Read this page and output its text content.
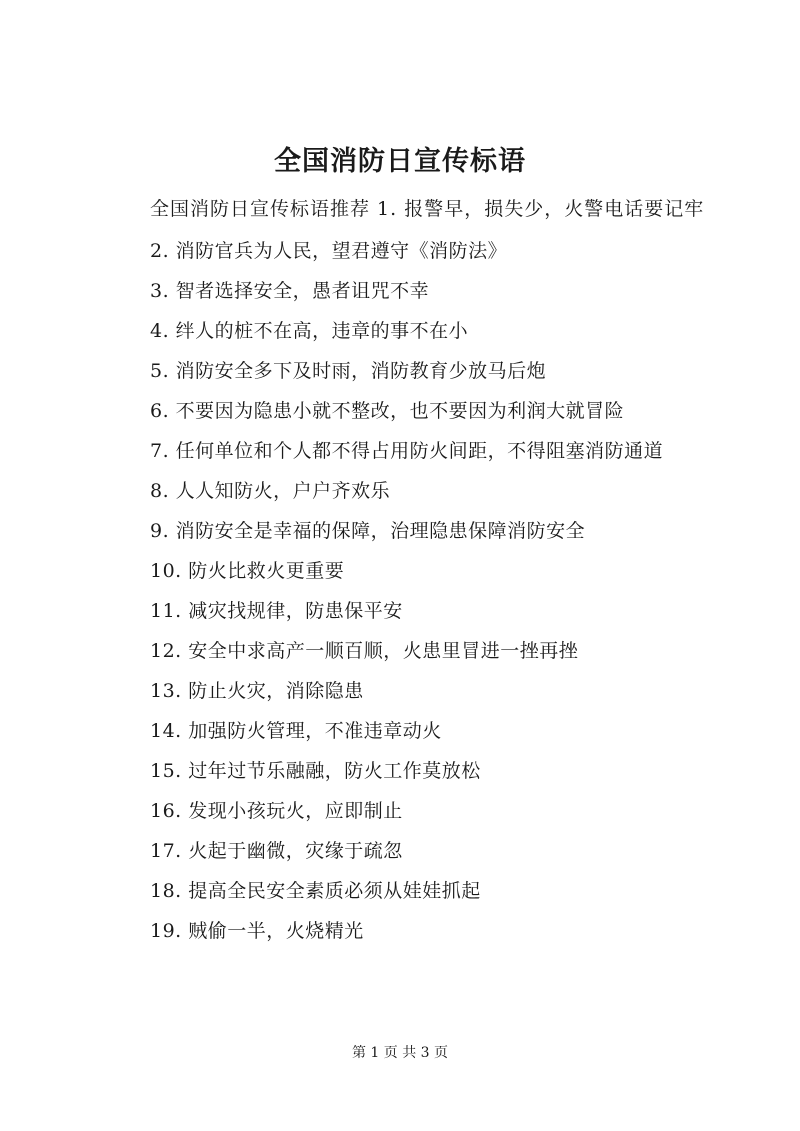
全国消防日宣传标语

全国消防日宣传标语推荐 1. 报警早，损失少，火警电话要记牢

2. 消防官兵为人民，望君遵守《消防法》
3. 智者选择安全，愚者诅咒不幸
4. 绊人的桩不在高，违章的事不在小
5. 消防安全多下及时雨，消防教育少放马后炮
6. 不要因为隐患小就不整改，也不要因为利润大就冒险
7. 任何单位和个人都不得占用防火间距，不得阻塞消防通道
8. 人人知防火，户户齐欢乐
9. 消防安全是幸福的保障，治理隐患保障消防安全
10. 防火比救火更重要
11. 减灾找规律，防患保平安
12. 安全中求高产一顺百顺，火患里冒进一挫再挫
13. 防止火灾，消除隐患
14. 加强防火管理，不准违章动火
15. 过年过节乐融融，防火工作莫放松
16. 发现小孩玩火，应即制止
17. 火起于幽微，灾缘于疏忽
18. 提高全民安全素质必须从娃娃抓起
19. 贼偷一半，火烧精光
第 1 页 共 3 页
